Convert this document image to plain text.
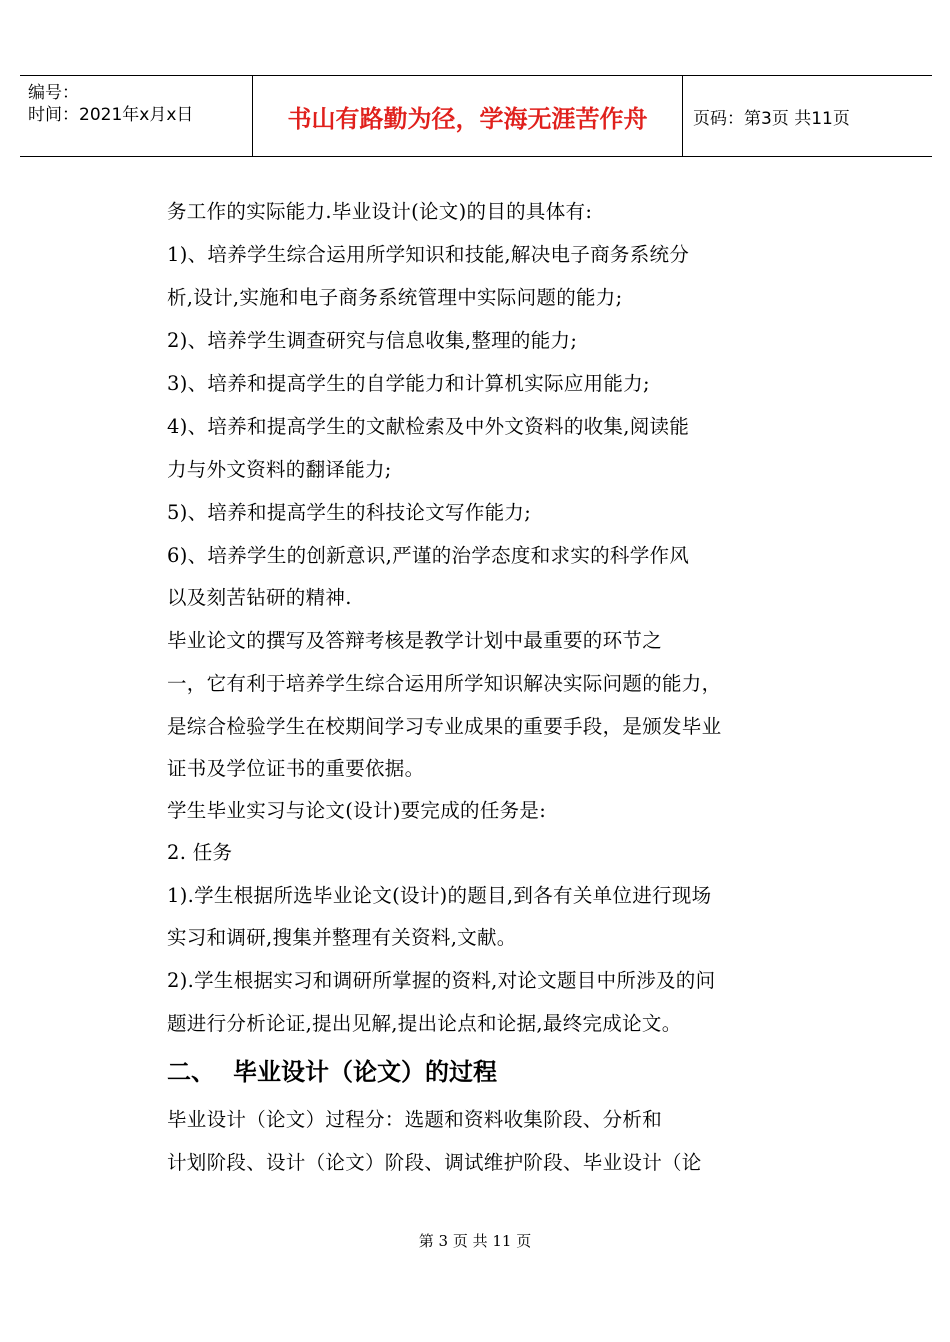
编号：
时间：2021年x月x日	书山有路勤为径，学海无涯苦作舟	页码：第3页 共11页
务工作的实际能力.毕业设计(论文)的目的具体有:
1)、培养学生综合运用所学知识和技能,解决电子商务系统分
析,设计,实施和电子商务系统管理中实际问题的能力;
2)、培养学生调查研究与信息收集,整理的能力;
3)、培养和提高学生的自学能力和计算机实际应用能力;
4)、培养和提高学生的文献检索及中外文资料的收集,阅读能
力与外文资料的翻译能力;
5)、培养和提高学生的科技论文写作能力;
6)、培养学生的创新意识,严谨的治学态度和求实的科学作风
以及刻苦钻研的精神.
毕业论文的撰写及答辩考核是教学计划中最重要的环节之
一，它有利于培养学生综合运用所学知识解决实际问题的能力，
是综合检验学生在校期间学习专业成果的重要手段，是颁发毕业
证书及学位证书的重要依据。
学生毕业实习与论文(设计)要完成的任务是:
2. 任务
1).学生根据所选毕业论文(设计)的题目,到各有关单位进行现场
实习和调研,搜集并整理有关资料,文献。
2).学生根据实习和调研所掌握的资料,对论文题目中所涉及的问
题进行分析论证,提出见解,提出论点和论据,最终完成论文。
二、 毕业设计（论文）的过程
毕业设计（论文）过程分：选题和资料收集阶段、分析和
计划阶段、设计（论文）阶段、调试维护阶段、毕业设计（论
第 3 页 共 11 页
